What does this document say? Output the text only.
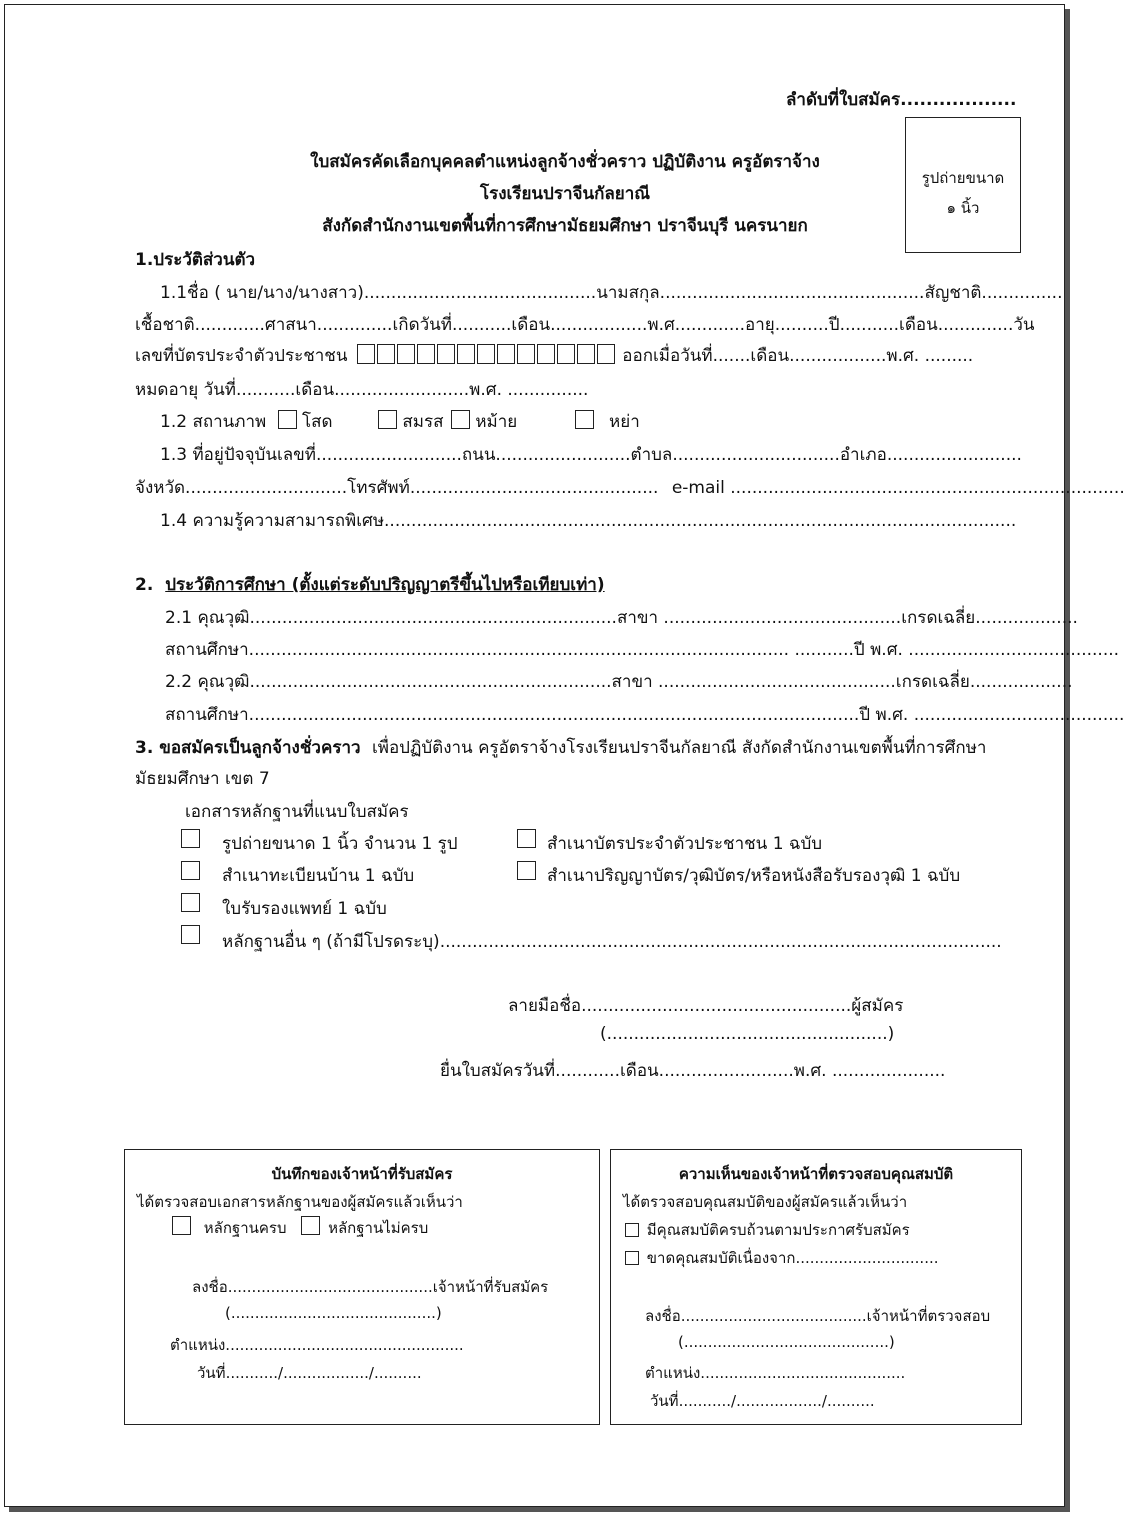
ลำดับที่ใบสมัคร..................
ใบสมัครคัดเลือกบุคคลตำแหน่งลูกจ้างชั่วคราว ปฏิบัติงาน ครูอัตราจ้าง
โรงเรียนปราจีนกัลยาณี
สังกัดสำนักงานเขตพื้นที่การศึกษามัธยมศึกษา ปราจีนบุรี นครนายก
รูปถ่ายขนาด
๑ นิ้ว
1.ประวัติส่วนตัว
1.1ชื่อ ( นาย/นาง/นางสาว)...........................................นามสกุล.................................................สัญชาติ...............
เชื้อชาติ.............ศาสนา..............เกิดวันที่...........เดือน..................พ.ศ.............อายุ..........ปี...........เดือน..............วัน
เลขที่บัตรประจำตัวประชาชน	ออกเมื่อวันที่.......เดือน..................พ.ศ. .........
หมดอายุ วันที่...........เดือน.........................พ.ศ. ...............
1.2 สถานภาพ โสด	สมรส หม้าย	หย่า
1.3 ที่อยู่ปัจจุบันเลขที่...........................ถนน.........................ตำบล...............................อำเภอ.........................
จังหวัด..............................โทรศัพท์.............................................. e-mail .........................................................................
1.4 ความรู้ความสามารถพิเศษ.....................................................................................................................
2. ประวัติการศึกษา (ตั้งแต่ระดับปริญญาตรีขึ้นไปหรือเทียบเท่า)
2.1 คุณวุฒิ....................................................................สาขา ............................................เกรดเฉลี่ย...................
สถานศึกษา.................................................................................................... ...........ปี พ.ศ. .......................................
2.2 คุณวุฒิ...................................................................สาขา ............................................เกรดเฉลี่ย...................
สถานศึกษา.................................................................................................................ปี พ.ศ. .......................................
3. ขอสมัครเป็นลูกจ้างชั่วคราว เพื่อปฏิบัติงาน ครูอัตราจ้างโรงเรียนปราจีนกัลยาณี สังกัดสำนักงานเขตพื้นที่การศึกษา
มัธยมศึกษา เขต 7
เอกสารหลักฐานที่แนบใบสมัคร
รูปถ่ายขนาด 1 นิ้ว จำนวน 1 รูป	สำเนาบัตรประจำตัวประชาชน 1 ฉบับ
สำเนาทะเบียนบ้าน 1 ฉบับ	สำเนาปริญญาบัตร/วุฒิบัตร/หรือหนังสือรับรองวุฒิ 1 ฉบับ
ใบรับรองแพทย์ 1 ฉบับ
หลักฐานอื่น ๆ (ถ้ามีโปรดระบุ)........................................................................................................
ลายมือชื่อ..................................................ผู้สมัคร
(....................................................)
ยื่นใบสมัครวันที่............เดือน.........................พ.ศ. .....................
บันทึกของเจ้าหน้าที่รับสมัคร
ได้ตรวจสอบเอกสารหลักฐานของผู้สมัครแล้วเห็นว่า
หลักฐานครบ	หลักฐานไม่ครบ
ลงชื่อ...........................................เจ้าหน้าที่รับสมัคร
(...........................................)
ตำแหน่ง..................................................
วันที่.........../................../..........
ความเห็นของเจ้าหน้าที่ตรวจสอบคุณสมบัติ
ได้ตรวจสอบคุณสมบัติของผู้สมัครแล้วเห็นว่า
มีคุณสมบัติครบถ้วนตามประกาศรับสมัคร
ขาดคุณสมบัติเนื่องจาก..............................
ลงชื่อ.......................................เจ้าหน้าที่ตรวจสอบ
(...........................................)
ตำแหน่ง...........................................
วันที่.........../................../..........
